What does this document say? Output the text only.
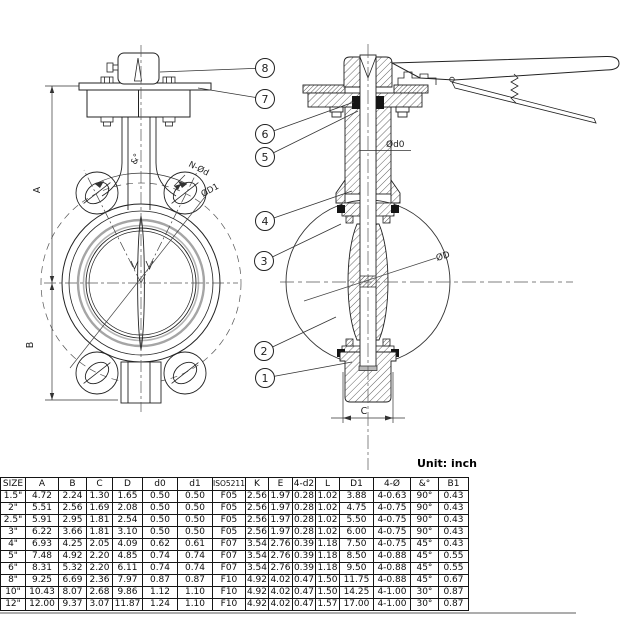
A
B
C
&°
N-Ød
ØD1
Ød0
ØD
8
7
6
5
4
3
2
1
Unit: inch
SIZE	A	B	C	D	d0	d1	ISO5211	K	E	4-d2	L	D1	4-Ø	&°	B1
1.5"	4.72	2.24	1.30	1.65	0.50	0.50	F05	2.56	1.97	0.28	1.02	3.88	4-0.63	90°	0.43
2"	5.51	2.56	1.69	2.08	0.50	0.50	F05	2.56	1.97	0.28	1.02	4.75	4-0.75	90°	0.43
2.5"	5.91	2.95	1.81	2.54	0.50	0.50	F05	2.56	1.97	0.28	1.02	5.50	4-0.75	90°	0.43
3"	6.22	3.66	1.81	3.10	0.50	0.50	F05	2.56	1.97	0.28	1.02	6.00	4-0.75	90°	0.43
4"	6.93	4.25	2.05	4.09	0.62	0.61	F07	3.54	2.76	0.39	1.18	7.50	4-0.75	45°	0.43
5"	7.48	4.92	2.20	4.85	0.74	0.74	F07	3.54	2.76	0.39	1.18	8.50	4-0.88	45°	0.55
6"	8.31	5.32	2.20	6.11	0.74	0.74	F07	3.54	2.76	0.39	1.18	9.50	4-0.88	45°	0.55
8"	9.25	6.69	2.36	7.97	0.87	0.87	F10	4.92	4.02	0.47	1.50	11.75	4-0.88	45°	0.67
10"	10.43	8.07	2.68	9.86	1.12	1.10	F10	4.92	4.02	0.47	1.50	14.25	4-1.00	30°	0.87
12"	12.00	9.37	3.07	11.87	1.24	1.10	F10	4.92	4.02	0.47	1.57	17.00	4-1.00	30°	0.87
